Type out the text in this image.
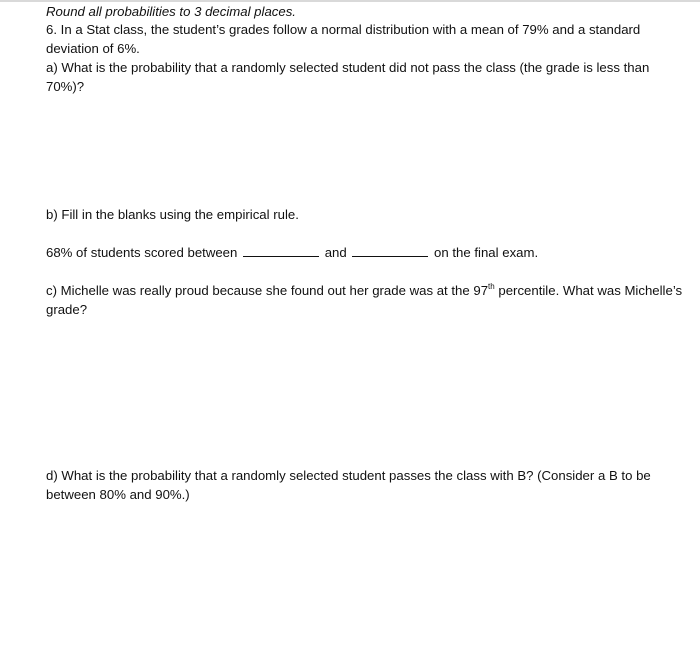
Round all probabilities to 3 decimal places.

6. In a Stat class, the student’s grades follow a normal distribution with a mean of 79% and a standard deviation of 6%.

a) What is the probability that a randomly selected student did not pass the class (the grade is less than 70%)?

b) Fill in the blanks using the empirical rule.

68% of students scored between	and	on the final exam.

c) Michelle was really proud because she found out her grade was at the 97th percentile. What was Michelle’s grade?

d) What is the probability that a randomly selected student passes the class with B? (Consider a B to be between 80% and 90%.)
